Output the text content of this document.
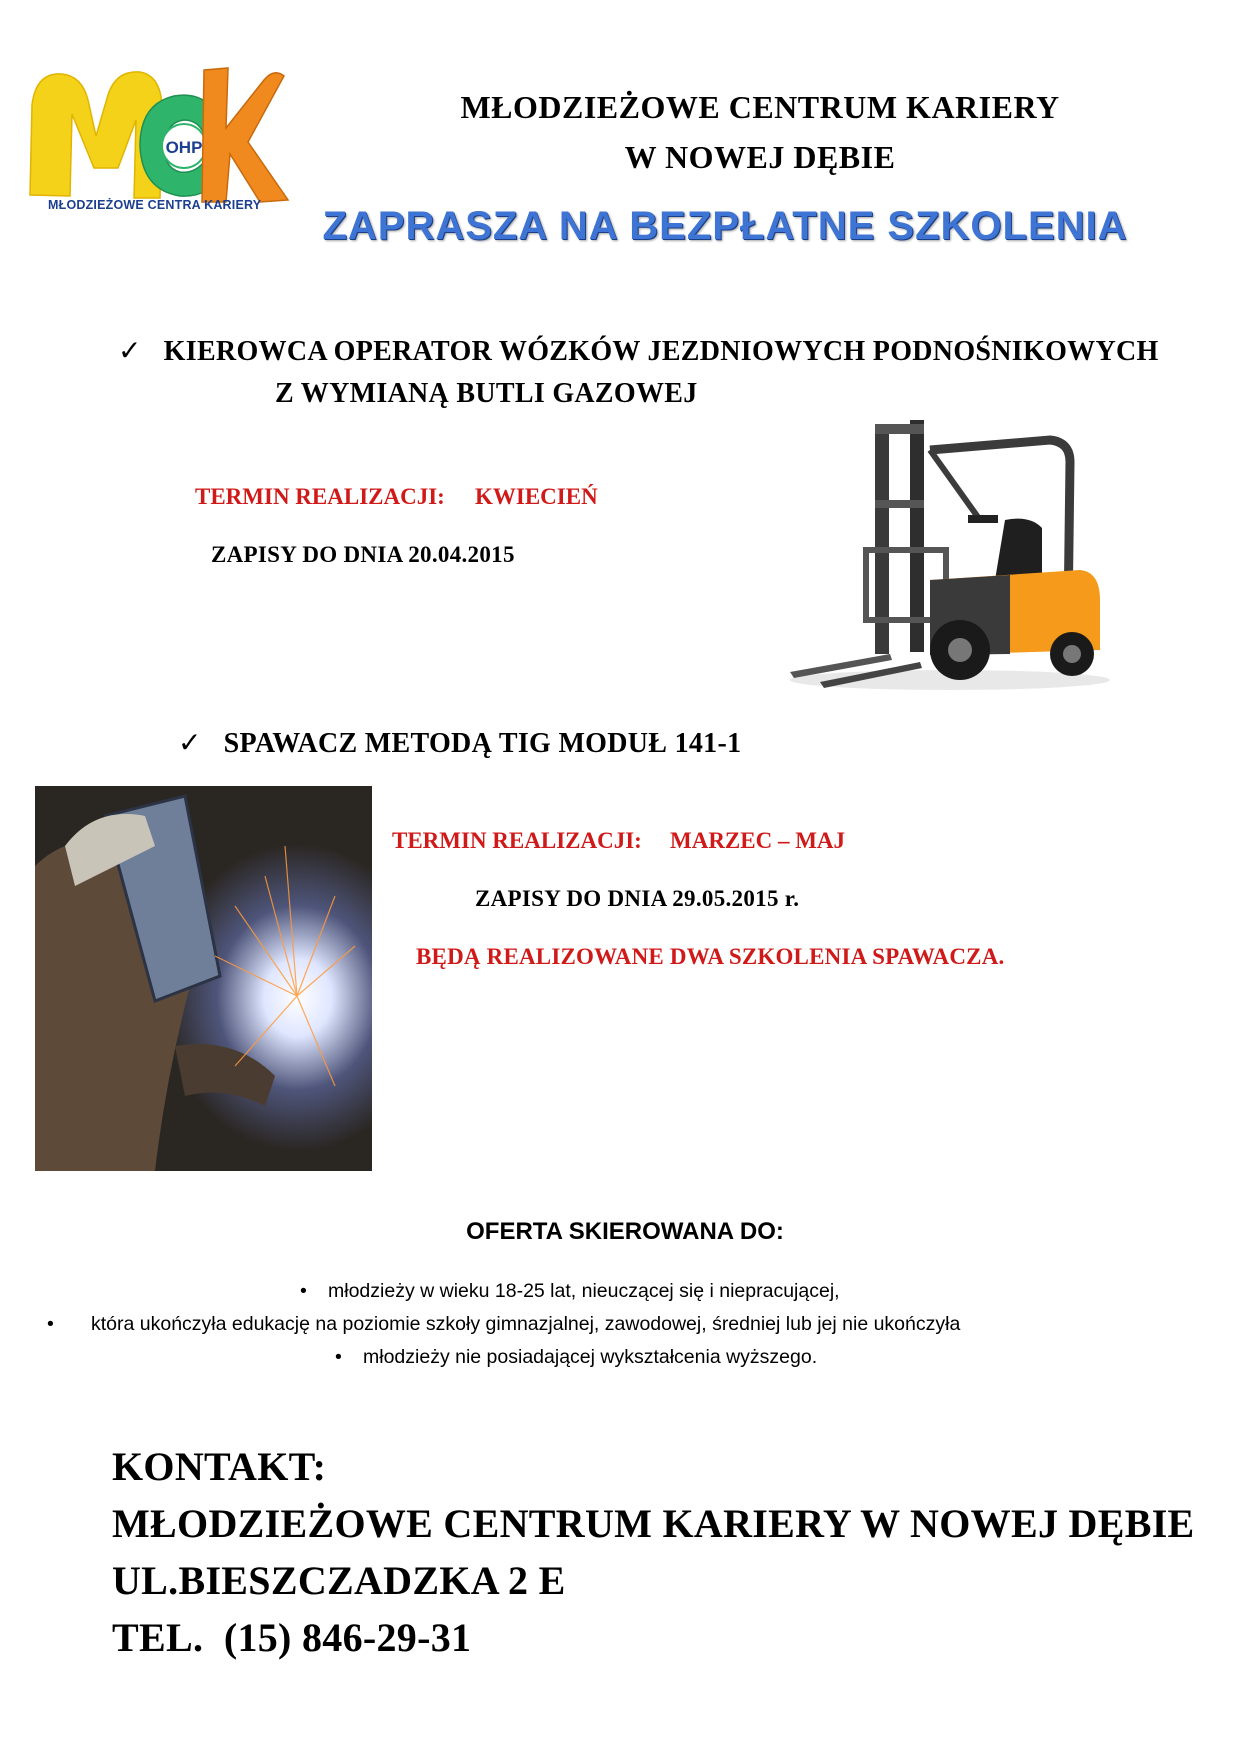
OHP
MŁODZIEŻOWE CENTRA KARIERY
MŁODZIEŻOWE CENTRUM KARIERY
W NOWEJ DĘBIE
ZAPRASZA NA BEZPŁATNE SZKOLENIA
✓ KIEROWCA OPERATOR WÓZKÓW JEZDNIOWYCH PODNOŚNIKOWYCH
Z WYMIANĄ BUTLI GAZOWEJ
TERMIN REALIZACJI: KWIECIEŃ
ZAPISY DO DNIA 20.04.2015
✓ SPAWACZ METODĄ TIG MODUŁ 141-1
TERMIN REALIZACJI: MARZEC – MAJ
ZAPISY DO DNIA 29.05.2015 r.
BĘDĄ REALIZOWANE DWA SZKOLENIA SPAWACZA.
OFERTA SKIEROWANA DO:
• młodzieży w wieku 18-25 lat, nieuczącej się i niepracującej,
• która ukończyła edukację na poziomie szkoły gimnazjalnej, zawodowej, średniej lub jej nie ukończyła
• młodzieży nie posiadającej wykształcenia wyższego.
KONTAKT:
MŁODZIEŻOWE CENTRUM KARIERY W NOWEJ DĘBIE
UL.BIESZCZADZKA 2 E
TEL.  (15) 846-29-31
